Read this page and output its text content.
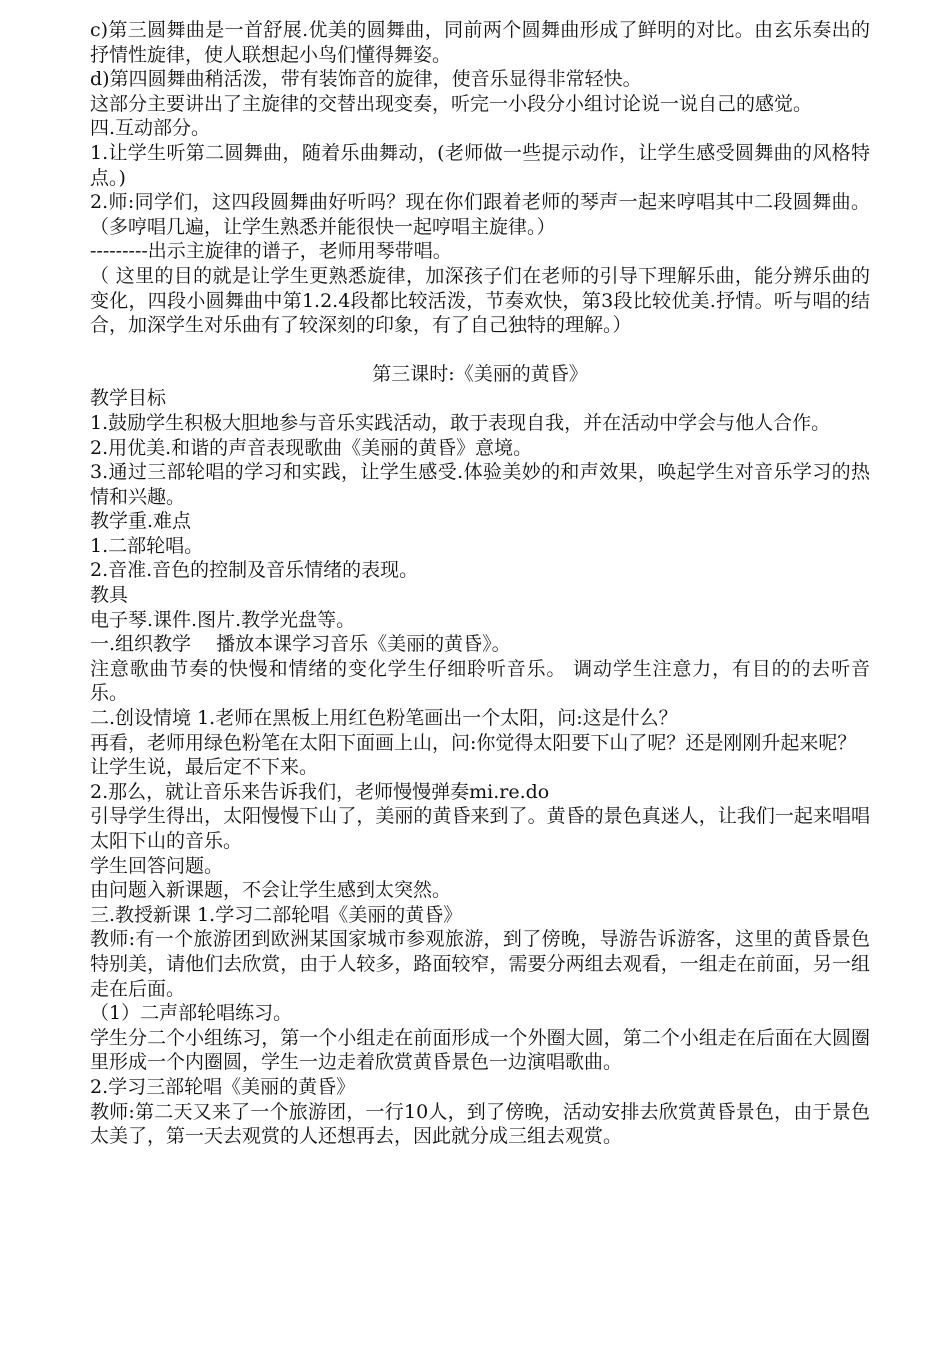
c)第三圆舞曲是一首舒展.优美的圆舞曲，同前两个圆舞曲形成了鲜明的对比。由玄乐奏出的抒情性旋律，使人联想起小鸟们懂得舞姿。

d)第四圆舞曲稍活泼，带有装饰音的旋律，使音乐显得非常轻快。

这部分主要讲出了主旋律的交替出现变奏，听完一小段分小组讨论说一说自己的感觉。

四.互动部分。

1.让学生听第二圆舞曲，随着乐曲舞动，(老师做一些提示动作，让学生感受圆舞曲的风格特点。)

2.师:同学们，这四段圆舞曲好听吗？现在你们跟着老师的琴声一起来哼唱其中二段圆舞曲。（多哼唱几遍，让学生熟悉并能很快一起哼唱主旋律。）

---------出示主旋律的谱子，老师用琴带唱。

（ 这里的目的就是让学生更熟悉旋律，加深孩子们在老师的引导下理解乐曲，能分辨乐曲的变化，四段小圆舞曲中第1.2.4段都比较活泼，节奏欢快，第3段比较优美.抒情。听与唱的结合，加深学生对乐曲有了较深刻的印象，有了自己独特的理解。）

第三课时:《美丽的黄昏》

教学目标

1.鼓励学生积极大胆地参与音乐实践活动，敢于表现自我，并在活动中学会与他人合作。

2.用优美.和谐的声音表现歌曲《美丽的黄昏》意境。

3.通过三部轮唱的学习和实践，让学生感受.体验美妙的和声效果，唤起学生对音乐学习的热情和兴趣。

教学重.难点

1.二部轮唱。

2.音准.音色的控制及音乐情绪的表现。

教具

电子琴.课件.图片.教学光盘等。

一.组织教学　 播放本课学习音乐《美丽的黄昏》。

注意歌曲节奏的快慢和情绪的变化学生仔细聆听音乐。 调动学生注意力，有目的的去听音乐。

二.创设情境 1.老师在黑板上用红色粉笔画出一个太阳，问:这是什么？

再看，老师用绿色粉笔在太阳下面画上山，问:你觉得太阳要下山了呢？还是刚刚升起来呢？

让学生说，最后定不下来。

2.那么，就让音乐来告诉我们，老师慢慢弹奏mi.re.do

引导学生得出，太阳慢慢下山了，美丽的黄昏来到了。黄昏的景色真迷人，让我们一起来唱唱太阳下山的音乐。

学生回答问题。

由问题入新课题，不会让学生感到太突然。

三.教授新课 1.学习二部轮唱《美丽的黄昏》

教师:有一个旅游团到欧洲某国家城市参观旅游，到了傍晚，导游告诉游客，这里的黄昏景色特别美，请他们去欣赏，由于人较多，路面较窄，需要分两组去观看，一组走在前面，另一组走在后面。

（1）二声部轮唱练习。

学生分二个小组练习，第一个小组走在前面形成一个外圈大圆，第二个小组走在后面在大圆圈里形成一个内圈圆，学生一边走着欣赏黄昏景色一边演唱歌曲。

2.学习三部轮唱《美丽的黄昏》

教师:第二天又来了一个旅游团，一行10人，到了傍晚，活动安排去欣赏黄昏景色，由于景色太美了，第一天去观赏的人还想再去，因此就分成三组去观赏。
